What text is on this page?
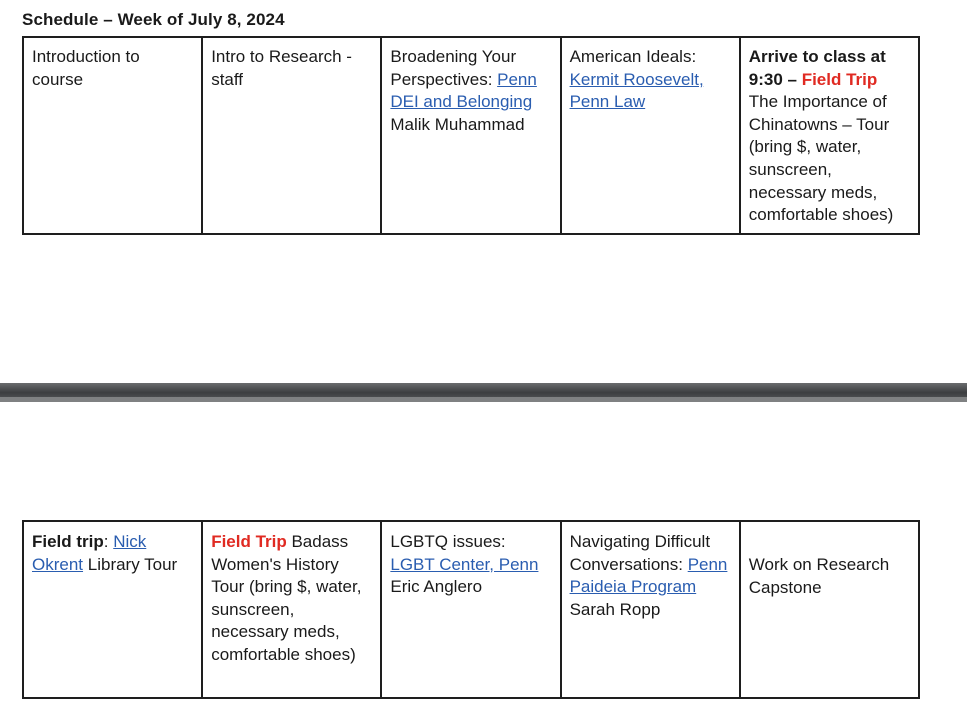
Schedule – Week of July 8, 2024
Introduction to course	Intro to Research - staff	Broadening Your Perspectives: Penn DEI and Belonging Malik Muhammad	American Ideals: Kermit Roosevelt, Penn Law	Arrive to class at 9:30 – Field Trip The Importance of Chinatowns – Tour (bring $, water, sunscreen, necessary meds, comfortable shoes)
Field trip: Nick Okrent Library Tour	Field Trip Badass Women's History Tour (bring $, water, sunscreen, necessary meds, comfortable shoes)	LGBTQ issues: LGBT Center, Penn Eric Anglero	Navigating Difficult Conversations: Penn Paideia Program Sarah Ropp	Work on Research Capstone
